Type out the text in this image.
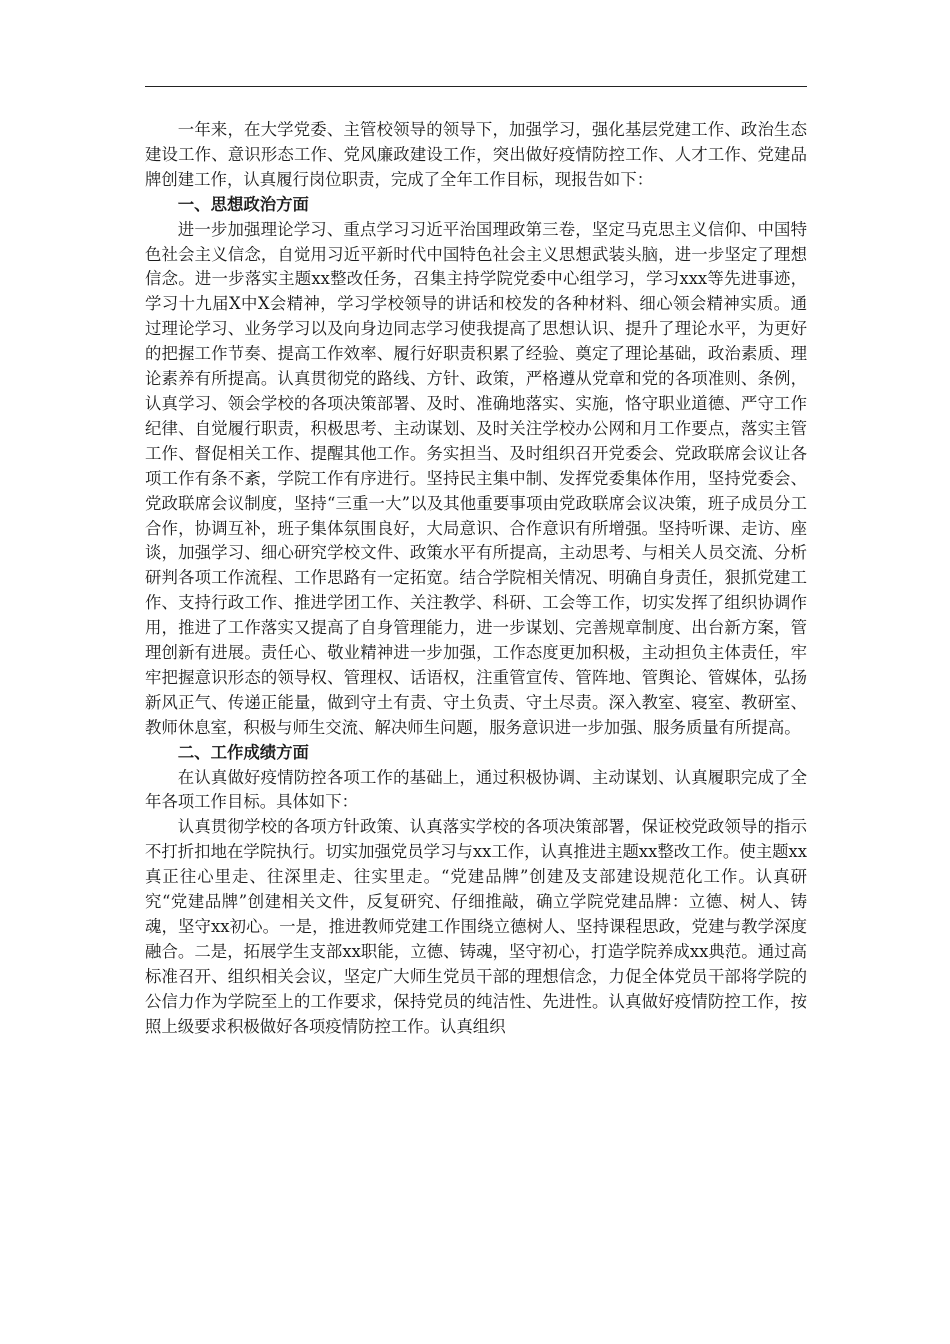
一年来，在大学党委、主管校领导的领导下，加强学习，强化基层党建工作、政治生态建设工作、意识形态工作、党风廉政建设工作，突出做好疫情防控工作、人才工作、党建品牌创建工作，认真履行岗位职责，完成了全年工作目标，现报告如下：

一、思想政治方面

进一步加强理论学习、重点学习习近平治国理政第三卷，坚定马克思主义信仰、中国特色社会主义信念，自觉用习近平新时代中国特色社会主义思想武装头脑，进一步坚定了理想信念。进一步落实主题xx整改任务，召集主持学院党委中心组学习，学习xxx等先进事迹，学习十九届X中X会精神，学习学校领导的讲话和校发的各种材料、细心领会精神实质。通过理论学习、业务学习以及向身边同志学习使我提高了思想认识、提升了理论水平，为更好的把握工作节奏、提高工作效率、履行好职责积累了经验、奠定了理论基础，政治素质、理论素养有所提高。认真贯彻党的路线、方针、政策，严格遵从党章和党的各项准则、条例，认真学习、领会学校的各项决策部署、及时、准确地落实、实施，恪守职业道德、严守工作纪律、自觉履行职责，积极思考、主动谋划、及时关注学校办公网和月工作要点，落实主管工作、督促相关工作、提醒其他工作。务实担当、及时组织召开党委会、党政联席会议让各项工作有条不紊，学院工作有序进行。坚持民主集中制、发挥党委集体作用，坚持党委会、党政联席会议制度，坚持“三重一大”以及其他重要事项由党政联席会议决策，班子成员分工合作，协调互补，班子集体氛围良好，大局意识、合作意识有所增强。坚持听课、走访、座谈，加强学习、细心研究学校文件、政策水平有所提高，主动思考、与相关人员交流、分析研判各项工作流程、工作思路有一定拓宽。结合学院相关情况、明确自身责任，狠抓党建工作、支持行政工作、推进学团工作、关注教学、科研、工会等工作，切实发挥了组织协调作用，推进了工作落实又提高了自身管理能力，进一步谋划、完善规章制度、出台新方案，管理创新有进展。责任心、敬业精神进一步加强，工作态度更加积极，主动担负主体责任，牢牢把握意识形态的领导权、管理权、话语权，注重管宣传、管阵地、管舆论、管媒体，弘扬新风正气、传递正能量，做到守土有责、守土负责、守土尽责。深入教室、寝室、教研室、教师休息室，积极与师生交流、解决师生问题，服务意识进一步加强、服务质量有所提高。

二、工作成绩方面

在认真做好疫情防控各项工作的基础上，通过积极协调、主动谋划、认真履职完成了全年各项工作目标。具体如下：

认真贯彻学校的各项方针政策、认真落实学校的各项决策部署，保证校党政领导的指示不打折扣地在学院执行。切实加强党员学习与xx工作，认真推进主题xx整改工作。使主题xx真正往心里走、往深里走、往实里走。“党建品牌”创建及支部建设规范化工作。认真研究“党建品牌”创建相关文件，反复研究、仔细推敲，确立学院党建品牌：立德、树人、铸魂，坚守xx初心。一是，推进教师党建工作围绕立德树人、坚持课程思政，党建与教学深度融合。二是，拓展学生支部xx职能，立德、铸魂，坚守初心，打造学院养成xx典范。通过高标准召开、组织相关会议，坚定广大师生党员干部的理想信念，力促全体党员干部将学院的公信力作为学院至上的工作要求，保持党员的纯洁性、先进性。认真做好疫情防控工作，按照上级要求积极做好各项疫情防控工作。认真组织
